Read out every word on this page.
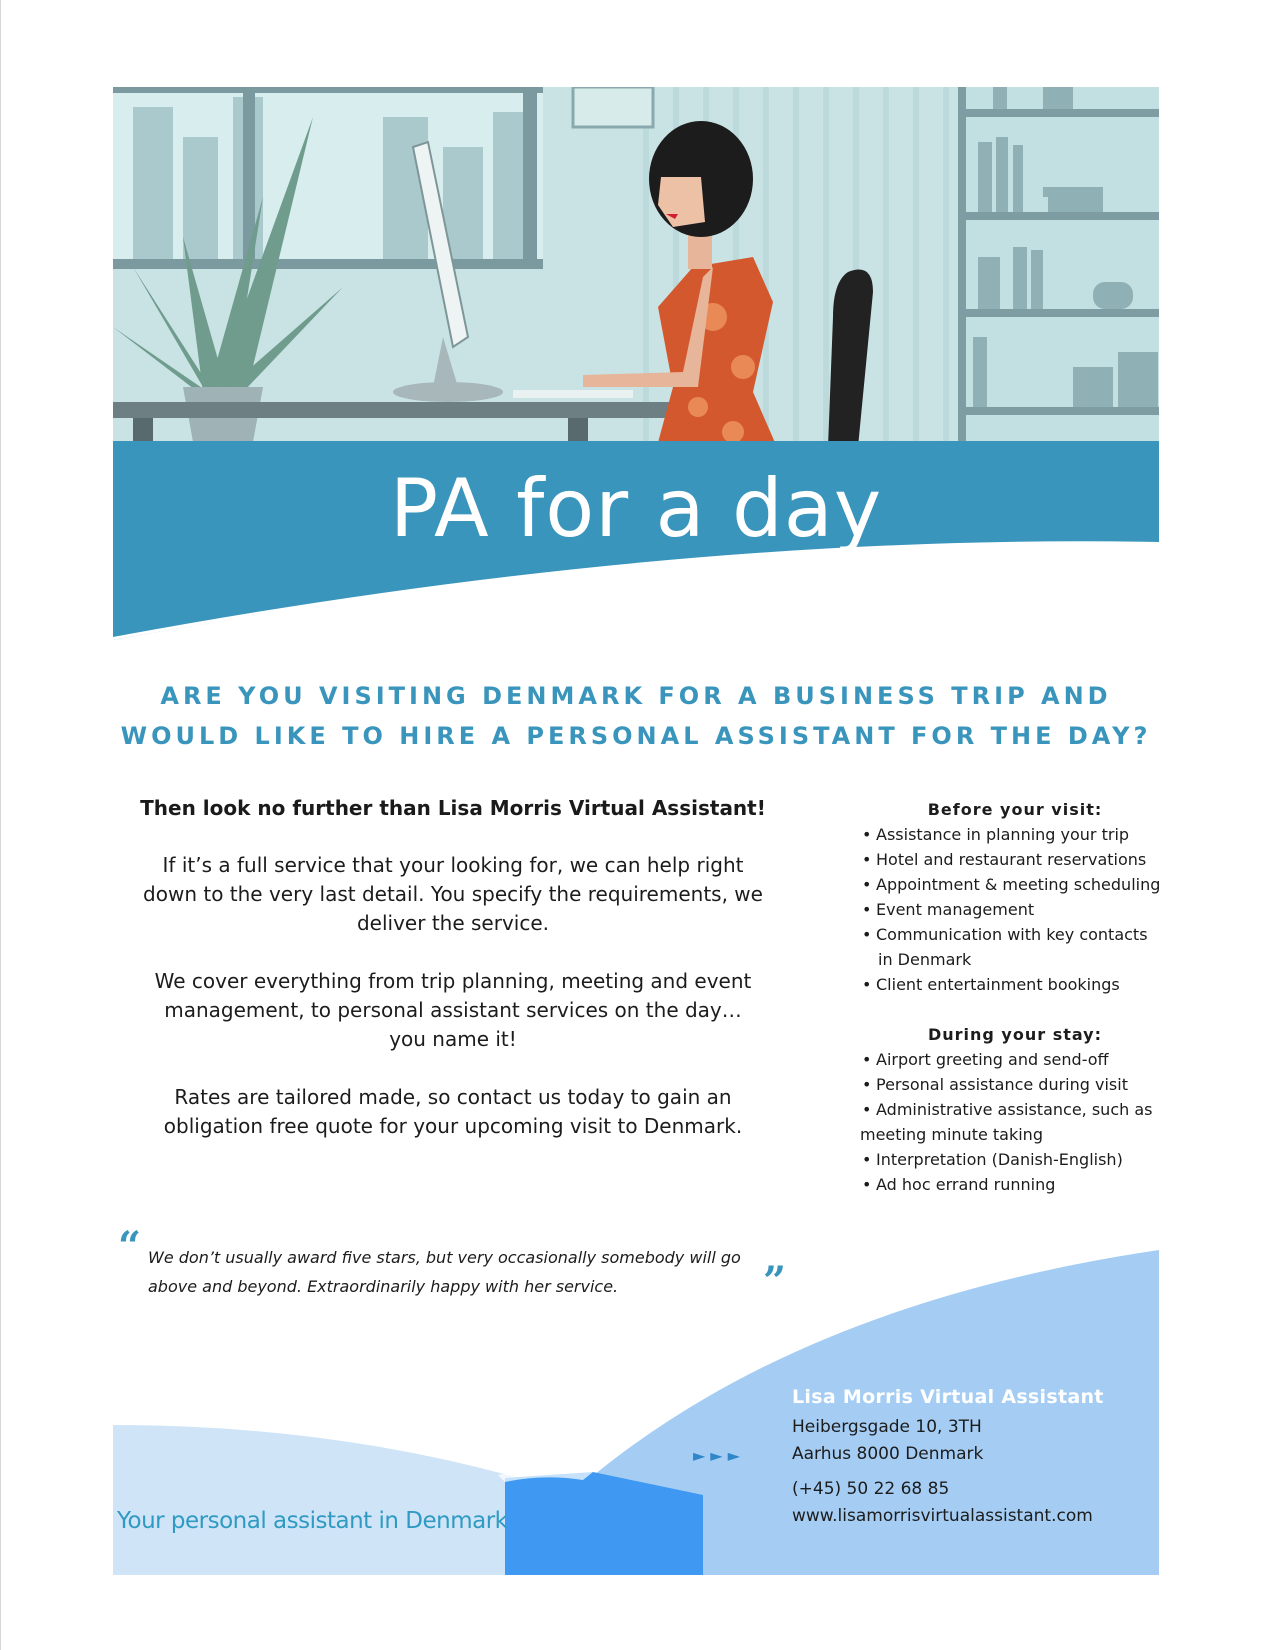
PA for a day
ARE YOU VISITING DENMARK FOR A BUSINESS TRIP AND
WOULD LIKE TO HIRE A PERSONAL ASSISTANT FOR THE DAY?
Then look no further than Lisa Morris Virtual Assistant!

If it’s a full service that your looking for, we can help right
down to the very last detail. You specify the requirements, we
deliver the service.

We cover everything from trip planning, meeting and event
management, to personal assistant services on the day…
you name it!

Rates are tailored made, so contact us today to gain an
obligation free quote for your upcoming visit to Denmark.

Before your visit:
• Assistance in planning your trip
• Hotel and restaurant reservations
• Appointment & meeting scheduling
• Event management
• Communication with key contacts
in Denmark
• Client entertainment bookings
During your stay:
• Airport greeting and send-off
• Personal assistance during visit
• Administrative assistance, such as
meeting minute taking
• Interpretation (Danish-English)
• Ad hoc errand running
“ We don’t usually award five stars, but very occasionally somebody will go
above and beyond. Extraordinarily happy with her service.	”
Your personal assistant in Denmark
►►►
Lisa Morris Virtual Assistant
Heibergsgade 10, 3TH
Aarhus 8000 Denmark
(+45) 50 22 68 85
www.lisamorrisvirtualassistant.com
